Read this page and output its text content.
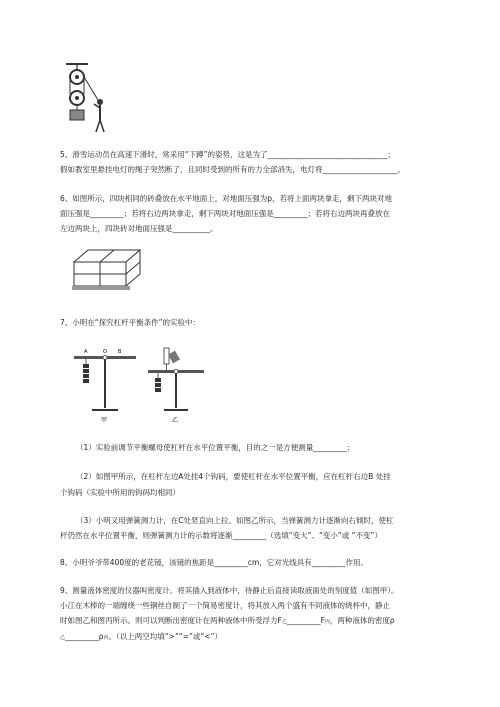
5、滑雪运动员在高速下滑时，常采用“下蹲”的姿势，这是为了________________________________；
假如教室里悬挂电灯的绳子突然断了，且同时受到的所有的力全部消失，电灯将____________________。
6、如图所示，四块相同的砖叠放在水平地面上，对地面压强为p，若将上面两块拿走，剩下两块对地
面压强是_________；若将右边两块拿走，剩下两块对地面压强是_________；若将右边两块再叠放在
左边两块上，四块砖对地面压强是__________。
7、小明在“探究杠杆平衡条件”的实验中：
A	O B
甲	乙
（1）实验前调节平衡螺母使杠杆在水平位置平衡，目的之一是方便测量_________；
（2）如图甲所示，在杠杆左边A处挂4个钩码，要使杠杆在水平位置平衡，应在杠杆右边B 处挂
个钩码（实验中所用的钩码均相同）
（3）小明又用弹簧测力计，在C处竖直向上拉。如图乙所示，当弹簧测力计逐渐向右倾时，使杠
杆仍然在水平位置平衡，则弹簧测力计的示数将逐渐_________（选填“变大”、“变小”或 “不变”）
8、小明爷爷带400度的老花镜，该镜的焦距是_________cm，它对光线具有_________作用。
9、测量液体密度的仪器叫密度计。将其插入到液体中，待静止后直接读取液面处的刻度值（如图甲）。
小江在木棒的一端缠绕一些铜丝自制了一个简易密度计，将其放入两个盛有不同液体的烧杯中，静止
时如图乙和图丙所示。则可以判断出密度计在两种液体中所受浮力F乙_________F丙，两种液体的密度ρ
乙_________ρ丙。（以上两空均填“>”“=”或“<”）
